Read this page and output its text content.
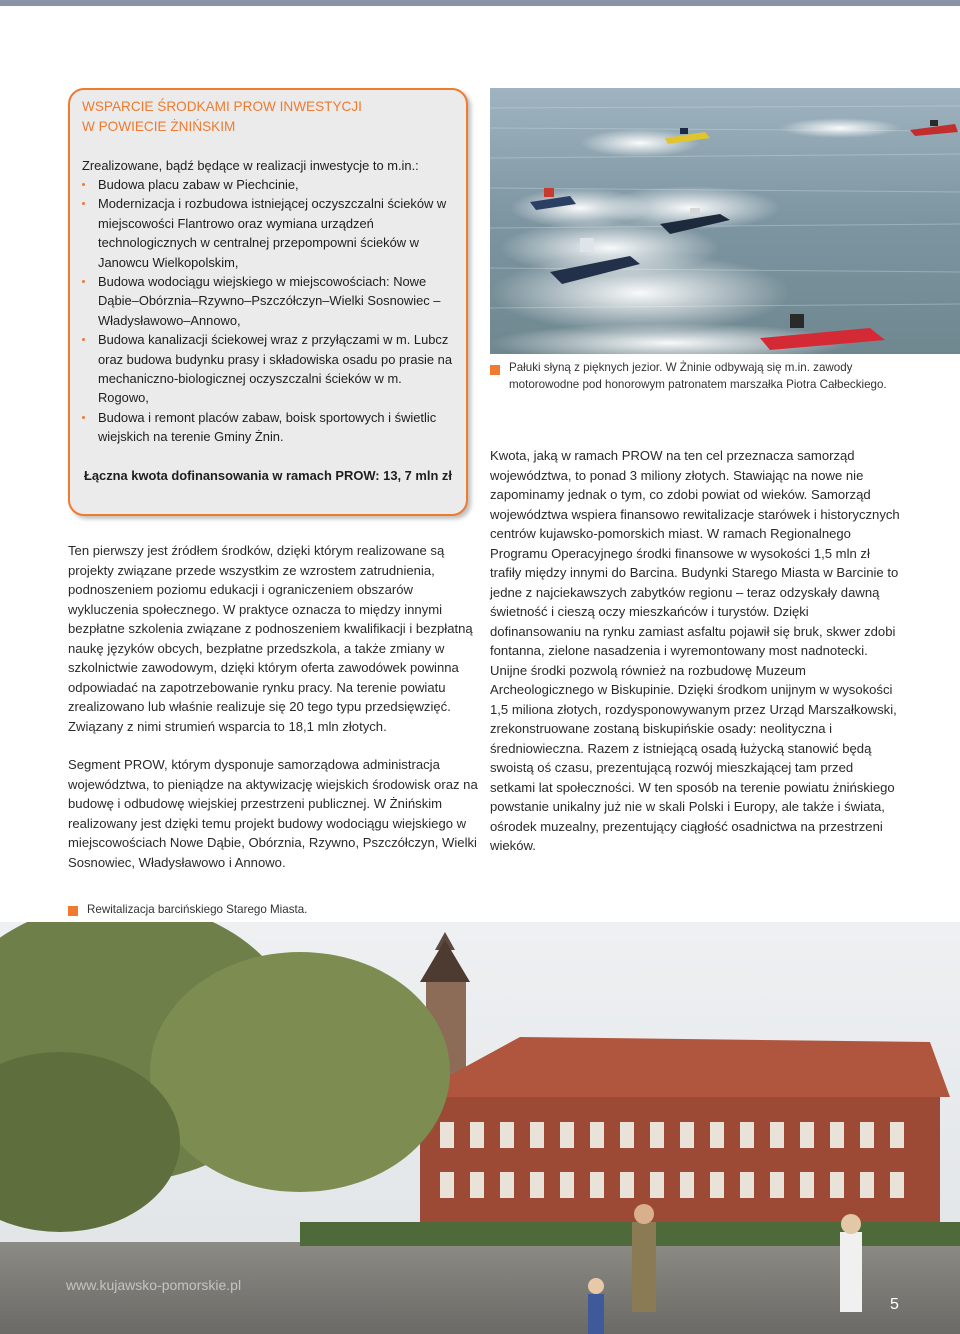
WSPARCIE ŚRODKAMI PROW INWESTYCJI
W POWIECIE ŻNIŃSKIM
Zrealizowane, bądź będące w realizacji inwestycje to m.in.:
Budowa placu zabaw w Piechcinie,
Modernizacja i rozbudowa istniejącej oczyszczalni ścieków w miejscowości Flantrowo oraz wymiana urządzeń technologicznych w centralnej przepompowni ścieków w Janowcu Wielkopolskim,
Budowa wodociągu wiejskiego w miejscowościach: Nowe Dąbie–Obórznia–Rzywno–Pszczółczyn–Wielki Sosnowiec –Władysławowo–Annowo,
Budowa kanalizacji ściekowej wraz z przyłączami w m. Lubcz oraz budowa budynku prasy i składowiska osadu po prasie na mechaniczno-biologicznej oczyszczalni ścieków w m. Rogowo,
Budowa i remont placów zabaw, boisk sportowych i świetlic wiejskich na terenie Gminy Żnin.
Łączna kwota dofinansowania w ramach PROW: 13, 7 mln zł
Pałuki słyną z pięknych jezior. W Żninie odbywają się m.in. zawody motorowodne pod honorowym patronatem marszałka Piotra Całbeckiego.

Ten pierwszy jest źródłem środków, dzięki którym realizowane są projekty związane przede wszystkim ze wzrostem zatrudnienia, podnoszeniem poziomu edukacji i ograniczeniem obszarów wykluczenia społecznego. W praktyce oznacza to między innymi bezpłatne szkolenia związane z podnoszeniem kwalifikacji i bezpłatną naukę języków obcych, bezpłatne przedszkola, a także zmiany w szkolnictwie zawodowym, dzięki którym oferta zawodówek powinna odpowiadać na zapotrzebowanie rynku pracy. Na terenie powiatu zrealizowano lub właśnie realizuje się 20 tego typu przedsięwzięć. Związany z nimi strumień wsparcia to 18,1 mln złotych.

Segment PROW, którym dysponuje samorządowa administracja województwa, to pieniądze na aktywizację wiejskich środowisk oraz na budowę i odbudowę wiejskiej przestrzeni publicznej. W Żnińskim realizowany jest dzięki temu projekt budowy wodociągu wiejskiego w miejscowościach Nowe Dąbie, Obórznia, Rzywno, Pszczółczyn, Wielki Sosnowiec, Władysławowo i Annowo.

Kwota, jaką w ramach PROW na ten cel przeznacza samorząd województwa, to ponad 3 miliony złotych. Stawiając na nowe nie zapominamy jednak o tym, co zdobi powiat od wieków. Samorząd województwa wspiera finansowo rewitalizacje starówek i historycznych centrów kujawsko-pomorskich miast. W ramach Regionalnego Programu Operacyjnego środki finansowe w wysokości 1,5 mln zł trafiły między innymi do Barcina. Budynki Starego Miasta w Barcinie to jedne z najciekawszych zabytków regionu – teraz odzyskały dawną świetność i cieszą oczy mieszkańców i turystów. Dzięki dofinansowaniu na rynku zamiast asfaltu pojawił się bruk, skwer zdobi fontanna, zielone nasadzenia i wyremontowany most nadnotecki. Unijne środki pozwolą również na rozbudowę Muzeum Archeologicznego w Biskupinie. Dzięki środkom unijnym w wysokości 1,5 miliona złotych, rozdysponowywanym przez Urząd Marszałkowski, zrekonstruowane zostaną biskupińskie osady: neolityczna i średniowieczna. Razem z istniejącą osadą łużycką stanowić będą swoistą oś czasu, prezentującą rozwój mieszkającej tam przed setkami lat społeczności. W ten sposób na terenie powiatu żnińskiego powstanie unikalny już nie w skali Polski i Europy, ale także i świata, ośrodek muzealny, prezentujący ciągłość osadnictwa na przestrzeni wieków.

Rewitalizacja barcińskiego Starego Miasta.
www.kujawsko-pomorskie.pl
5
